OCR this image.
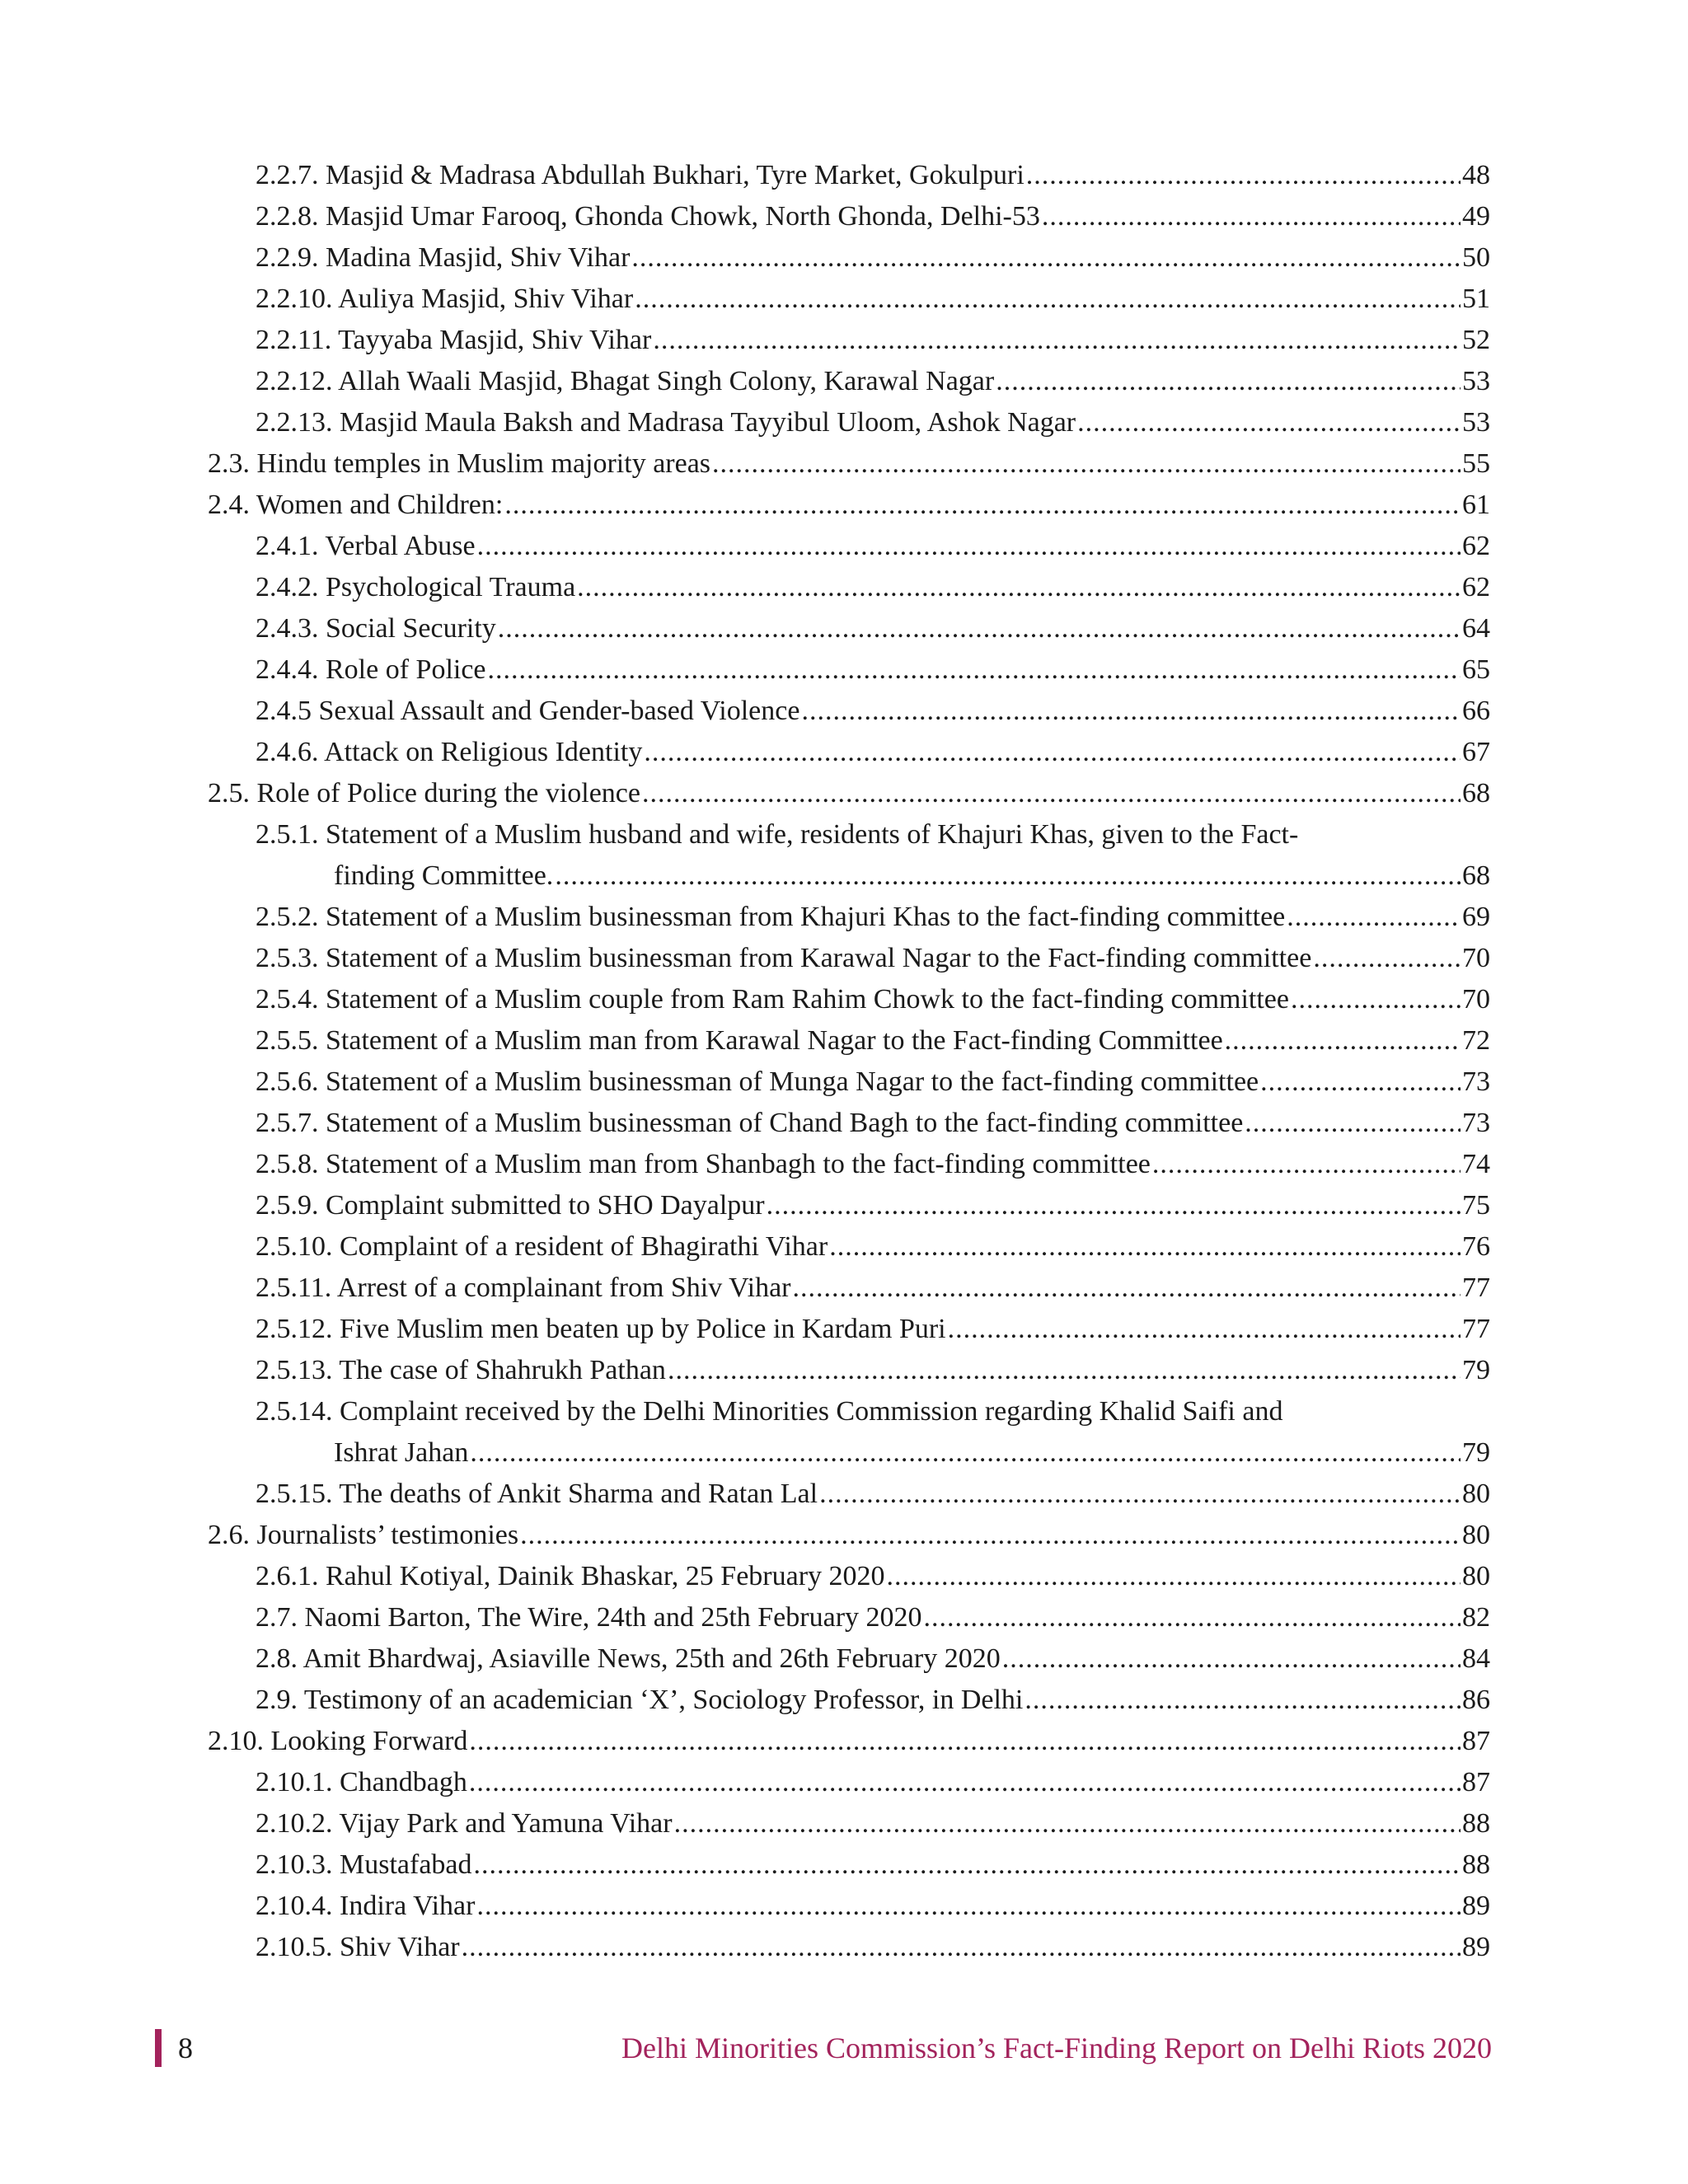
2.2.7. Masjid & Madrasa Abdullah Bukhari, Tyre Market, Gokulpuri .....	48
2.2.8. Masjid Umar Farooq, Ghonda Chowk, North Ghonda, Delhi-53 .....	49
2.2.9. Madina Masjid, Shiv Vihar .....	50
2.2.10. Auliya Masjid, Shiv Vihar .....	51
2.2.11. Tayyaba Masjid, Shiv Vihar .....	52
2.2.12. Allah Waali Masjid, Bhagat Singh Colony, Karawal Nagar .....	53
2.2.13. Masjid Maula Baksh and Madrasa Tayyibul Uloom, Ashok Nagar .....	53
2.3. Hindu temples in Muslim majority areas .....	55
2.4. Women and Children: .....	61
2.4.1. Verbal Abuse .....	62
2.4.2. Psychological Trauma .....	62
2.4.3. Social Security .....	64
2.4.4. Role of Police .....	65
2.4.5 Sexual Assault and Gender-based Violence .....	66
2.4.6. Attack on Religious Identity .....	67
2.5. Role of Police during the violence .....	68
2.5.1. Statement of a Muslim husband and wife, residents of Khajuri Khas, given to the Fact-
finding Committee. .....	68
2.5.2. Statement of a Muslim businessman from Khajuri Khas to the fact-finding committee .....	69
2.5.3. Statement of a Muslim businessman from Karawal Nagar to the Fact-finding committee .....	70
2.5.4. Statement of a Muslim couple from Ram Rahim Chowk to the fact-finding committee .....	70
2.5.5. Statement of a Muslim man from Karawal Nagar to the Fact-finding Committee .....	72
2.5.6. Statement of a Muslim businessman of Munga Nagar to the fact-finding committee .....	73
2.5.7. Statement of a Muslim businessman of Chand Bagh to the fact-finding committee .....	73
2.5.8. Statement of a Muslim man from Shanbagh to the fact-finding committee .....	74
2.5.9. Complaint submitted to SHO Dayalpur .....	75
2.5.10. Complaint of a resident of Bhagirathi Vihar .....	76
2.5.11. Arrest of a complainant from Shiv Vihar .....	77
2.5.12. Five Muslim men beaten up by Police in Kardam Puri .....	77
2.5.13. The case of Shahrukh Pathan .....	79
2.5.14. Complaint received by the Delhi Minorities Commission regarding Khalid Saifi and
Ishrat Jahan .....	79
2.5.15. The deaths of Ankit Sharma and Ratan Lal .....	80
2.6. Journalists’ testimonies .....	80
2.6.1. Rahul Kotiyal, Dainik Bhaskar, 25 February 2020 .....	80
2.7. Naomi Barton, The Wire, 24th and 25th February 2020 .....	82
2.8. Amit Bhardwaj, Asiaville News, 25th and 26th February 2020 .....	84
2.9. Testimony of an academician ‘X’, Sociology Professor, in Delhi .....	86
2.10. Looking Forward .....	87
2.10.1. Chandbagh .....	87
2.10.2. Vijay Park and Yamuna Vihar .....	88
2.10.3. Mustafabad .....	88
2.10.4. Indira Vihar .....	89
2.10.5. Shiv Vihar .....	89
8	Delhi Minorities Commission’s Fact-Finding Report on Delhi Riots 2020
